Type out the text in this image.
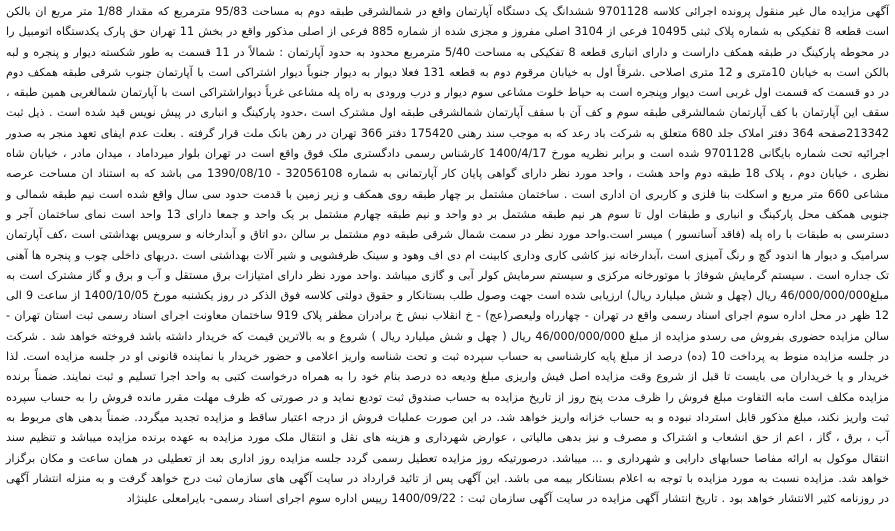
آگهی مزایده مال غیر منقول پرونده اجرائی کلاسه 9701128 ششدانگ یک دستگاه آپارتمان واقع در شمالشرقی طبقه دوم به مساحت 95/83 مترمربع که مقدار 1/88 متر مربع ان بالکن است قطعه 8 تفکیکی به شماره پلاک ثبتی 10495 فرعی از 3104 اصلی مفروز و مجزی شده از شماره 885 فرعی از اصلی مذکور واقع در بخش 11 تهران حق پارک یکدستگاه اتومبیل را در محوطه پارکینگ در طبقه همکف داراست و دارای انباری قطعه 8 تفکیکی به مساحت 5/40 مترمربع محدود به حدود آپارتمان : شمالاً در 11 قسمت به طور شکسته دیوار و پنجره و لبه بالکن است به خیابان 10متری و 12 متری اصلاحی .شرقاً اول به خیابان مرقوم دوم به قطعه 131 فعلا دیوار به دیوار جنوباً دیوار اشتراکی است با آپارتمان جنوب شرقی طبقه همکف دوم در دو قسمت که قسمت اول غربی است دیوار وپنجره است به حیاط خلوت مشاعی سوم دیوار و درب ورودی به راه پله مشاعی غرباً دیواراشتراکی است با آپارتمان شمالغربی همین طبقه ، سقف این آپارتمان با کف آپارتمان شمالشرقی طبقه سوم و کف آن با سقف آپارتمان شمالشرقی طبقه اول مشترک است ،حدود پارکینگ و انباری در پیش نویس قید شده است . ذیل ثبت 213342صفحه 364 دفتر املاک جلد 680 متعلق به شرکت باد رعد که به موجب سند رهنی 175420 دفتر 366 تهران در رهن بانک ملت قرار گرفته . بعلت عدم ایفای تعهد منجر به صدور اجرائیه تحت شماره بایگانی 9701128 شده است و برابر نظریه مورخ 1400/4/17 کارشناس رسمی دادگستری ملک فوق واقع است در تهران بلوار میرداماد ، میدان مادر ، خیابان شاه نظری ، خیابان دوم ، پلاک 18 طبقه دوم واحد هشت ، واحد مورد نظر دارای گواهی پایان کار آپارتمانی به شماره 32056108 - 1390/08/10 می باشد که به استناد ان مساحت عرصه مشاعی 660 متر مربع و اسکلت بنا فلزی و کاربری ان اداری است . ساختمان مشتمل بر چهار طبقه روی همکف و زیر زمین با قدمت حدود سی سال واقع شده است نیم طبقه شمالی و جنوبی همکف محل پارکینگ و انباری و طبقات اول تا سوم هر نیم طبقه مشتمل بر دو واحد و نیم طبقه چهارم مشتمل بر یک واحد و جمعا دارای 13 واحد است نمای ساختمان آجر و دسترسی به طبقات با راه پله (فاقد آسانسور ) میسر است.واحد مورد نظر در سمت شمال شرقی طبقه دوم مشتمل بر سالن ،دو اتاق و آبدارخانه و سرویس بهداشتی است ،کف آپارتمان سرامیک و دیوار ها اندود گچ و رنگ آمیزی است ،آبدارخانه نیز کاشی کاری وداری کابینت ام دی اف وهود و سینک ظرفشویی و شیر آلات بهداشتی است .دربهای داخلی چوب و پنجره ها آهنی تک جداره است . سیستم گرمایش شوفاژ با موتورخانه مرکزی و سیستم سرمایش کولر آبی و گازی میباشد .واحد مورد نظر دارای امتیازات برق مستقل و آب و برق و گاز مشترک است به مبلغ46/000/000/000 ریال (چهل و شش میلیارد ریال) ارزیابی شده است جهت وصول طلب بستانکار و حقوق دولتی کلاسه فوق الذکر در روز یکشنبه مورخ 1400/10/05 از ساعت 9 الی 12 ظهر در محل اداره سوم اجرای اسناد رسمی واقع در تهران - چهارراه ولیعصر(عج) - خ انقلاب نبش خ برادران مظفر پلاک 919 ساختمان معاونت اجرای اسناد رسمی ثبت استان تهران - سالن مزایده حضوری بفروش می رسدو مزایده از مبلغ 46/000/000/000 ریال ( چهل و شش میلیارد ریال ) شروع و به بالاترین قیمت که خریدار داشته باشد فروخته خواهد شد . شرکت در جلسه مزایده منوط به پرداخت 10 (ده) درصد از مبلغ پایه کارشناسی به حساب سپرده ثبت و تحت شناسه واریز اعلامی و حضور خریدار با نماینده قانونی او در جلسه مزایده است. لذا خریدار و یا خریداران می بایست تا قبل از شروع وقت مزایده اصل فیش واریزی مبلغ ودیعه ده درصد بنام خود را به همراه درخواست کتبی به واحد اجرا تسلیم و ثبت نمایند. ضمناً برنده مزایده مکلف است مابه التفاوت مبلغ فروش را ظرف مدت پنج روز از تاریخ مزایده به حساب صندوق ثبت تودیع نماید و در صورتی که ظرف مهلت مقرر مانده فروش را به حساب سپرده ثبت واریز نکند، مبلغ مذکور قابل استرداد نبوده و به حساب خزانه واریز خواهد شد. در این صورت عملیات فروش از درجه اعتبار ساقط و مزایده تجدید میگردد. ضمناً بدهی های مربوط به آب ، برق ، گاز ، اعم از حق انشعاب و اشتراک و مصرف و نیز بدهی مالیاتی ، عوارض شهرداری و هزینه های نقل و انتقال ملک مورد مزایده به عهده برنده مزایده میباشد و تنظیم سند انتقال موکول به ارائه مفاصا حسابهای دارایی و شهرداری و ... میباشد. درصورتیکه روز مزایده تعطیل رسمی گردد جلسه مزایده روز اداری بعد از تعطیلی در همان ساعت و مکان برگزار خواهد شد. مزایده نسبت به مورد مزایده با توجه به اعلام بستانکار بیمه می باشد. این آگهی پس از تائید قرارداد در سایت آگهی های سازمان ثبت درج خواهد گرفت و به منزله انتشار آگهی در روزنامه کثیر الانتشار خواهد بود . تاریخ انتشار آگهی مزایده در سایت آگهی سازمان ثبت : 1400/09/22 رییس اداره سوم اجرای اسناد رسمی- بایرامعلی علینژاد
